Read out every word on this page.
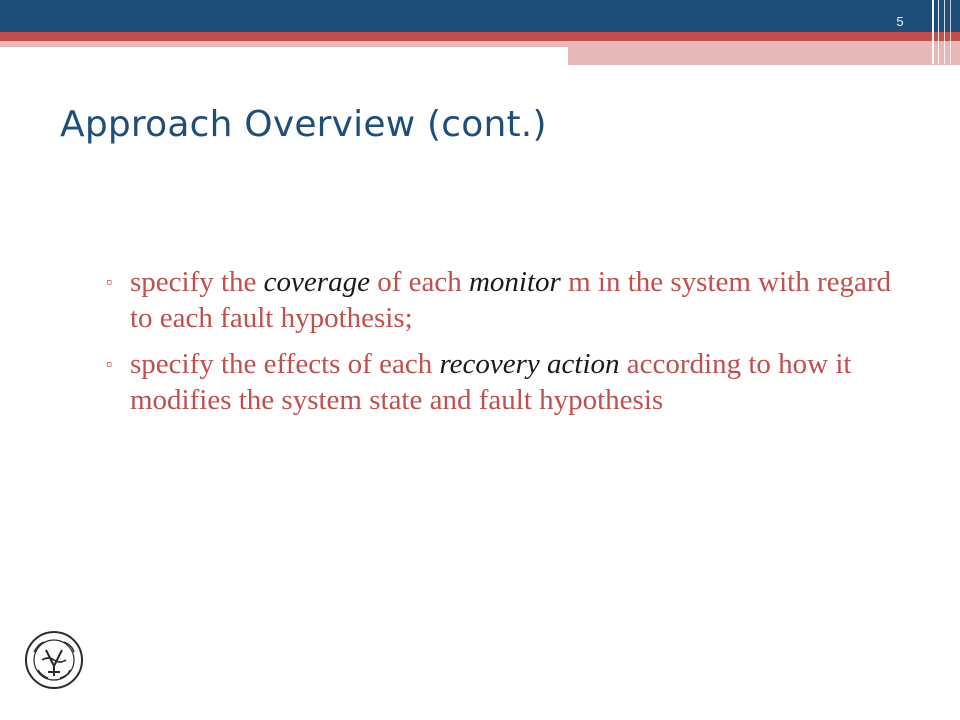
5
Approach Overview (cont.)
▫ specify the coverage of each monitor m in the system with regard to each fault hypothesis;
▫ specify the effects of each recovery action according to how it modifies the system state and fault hypothesis
